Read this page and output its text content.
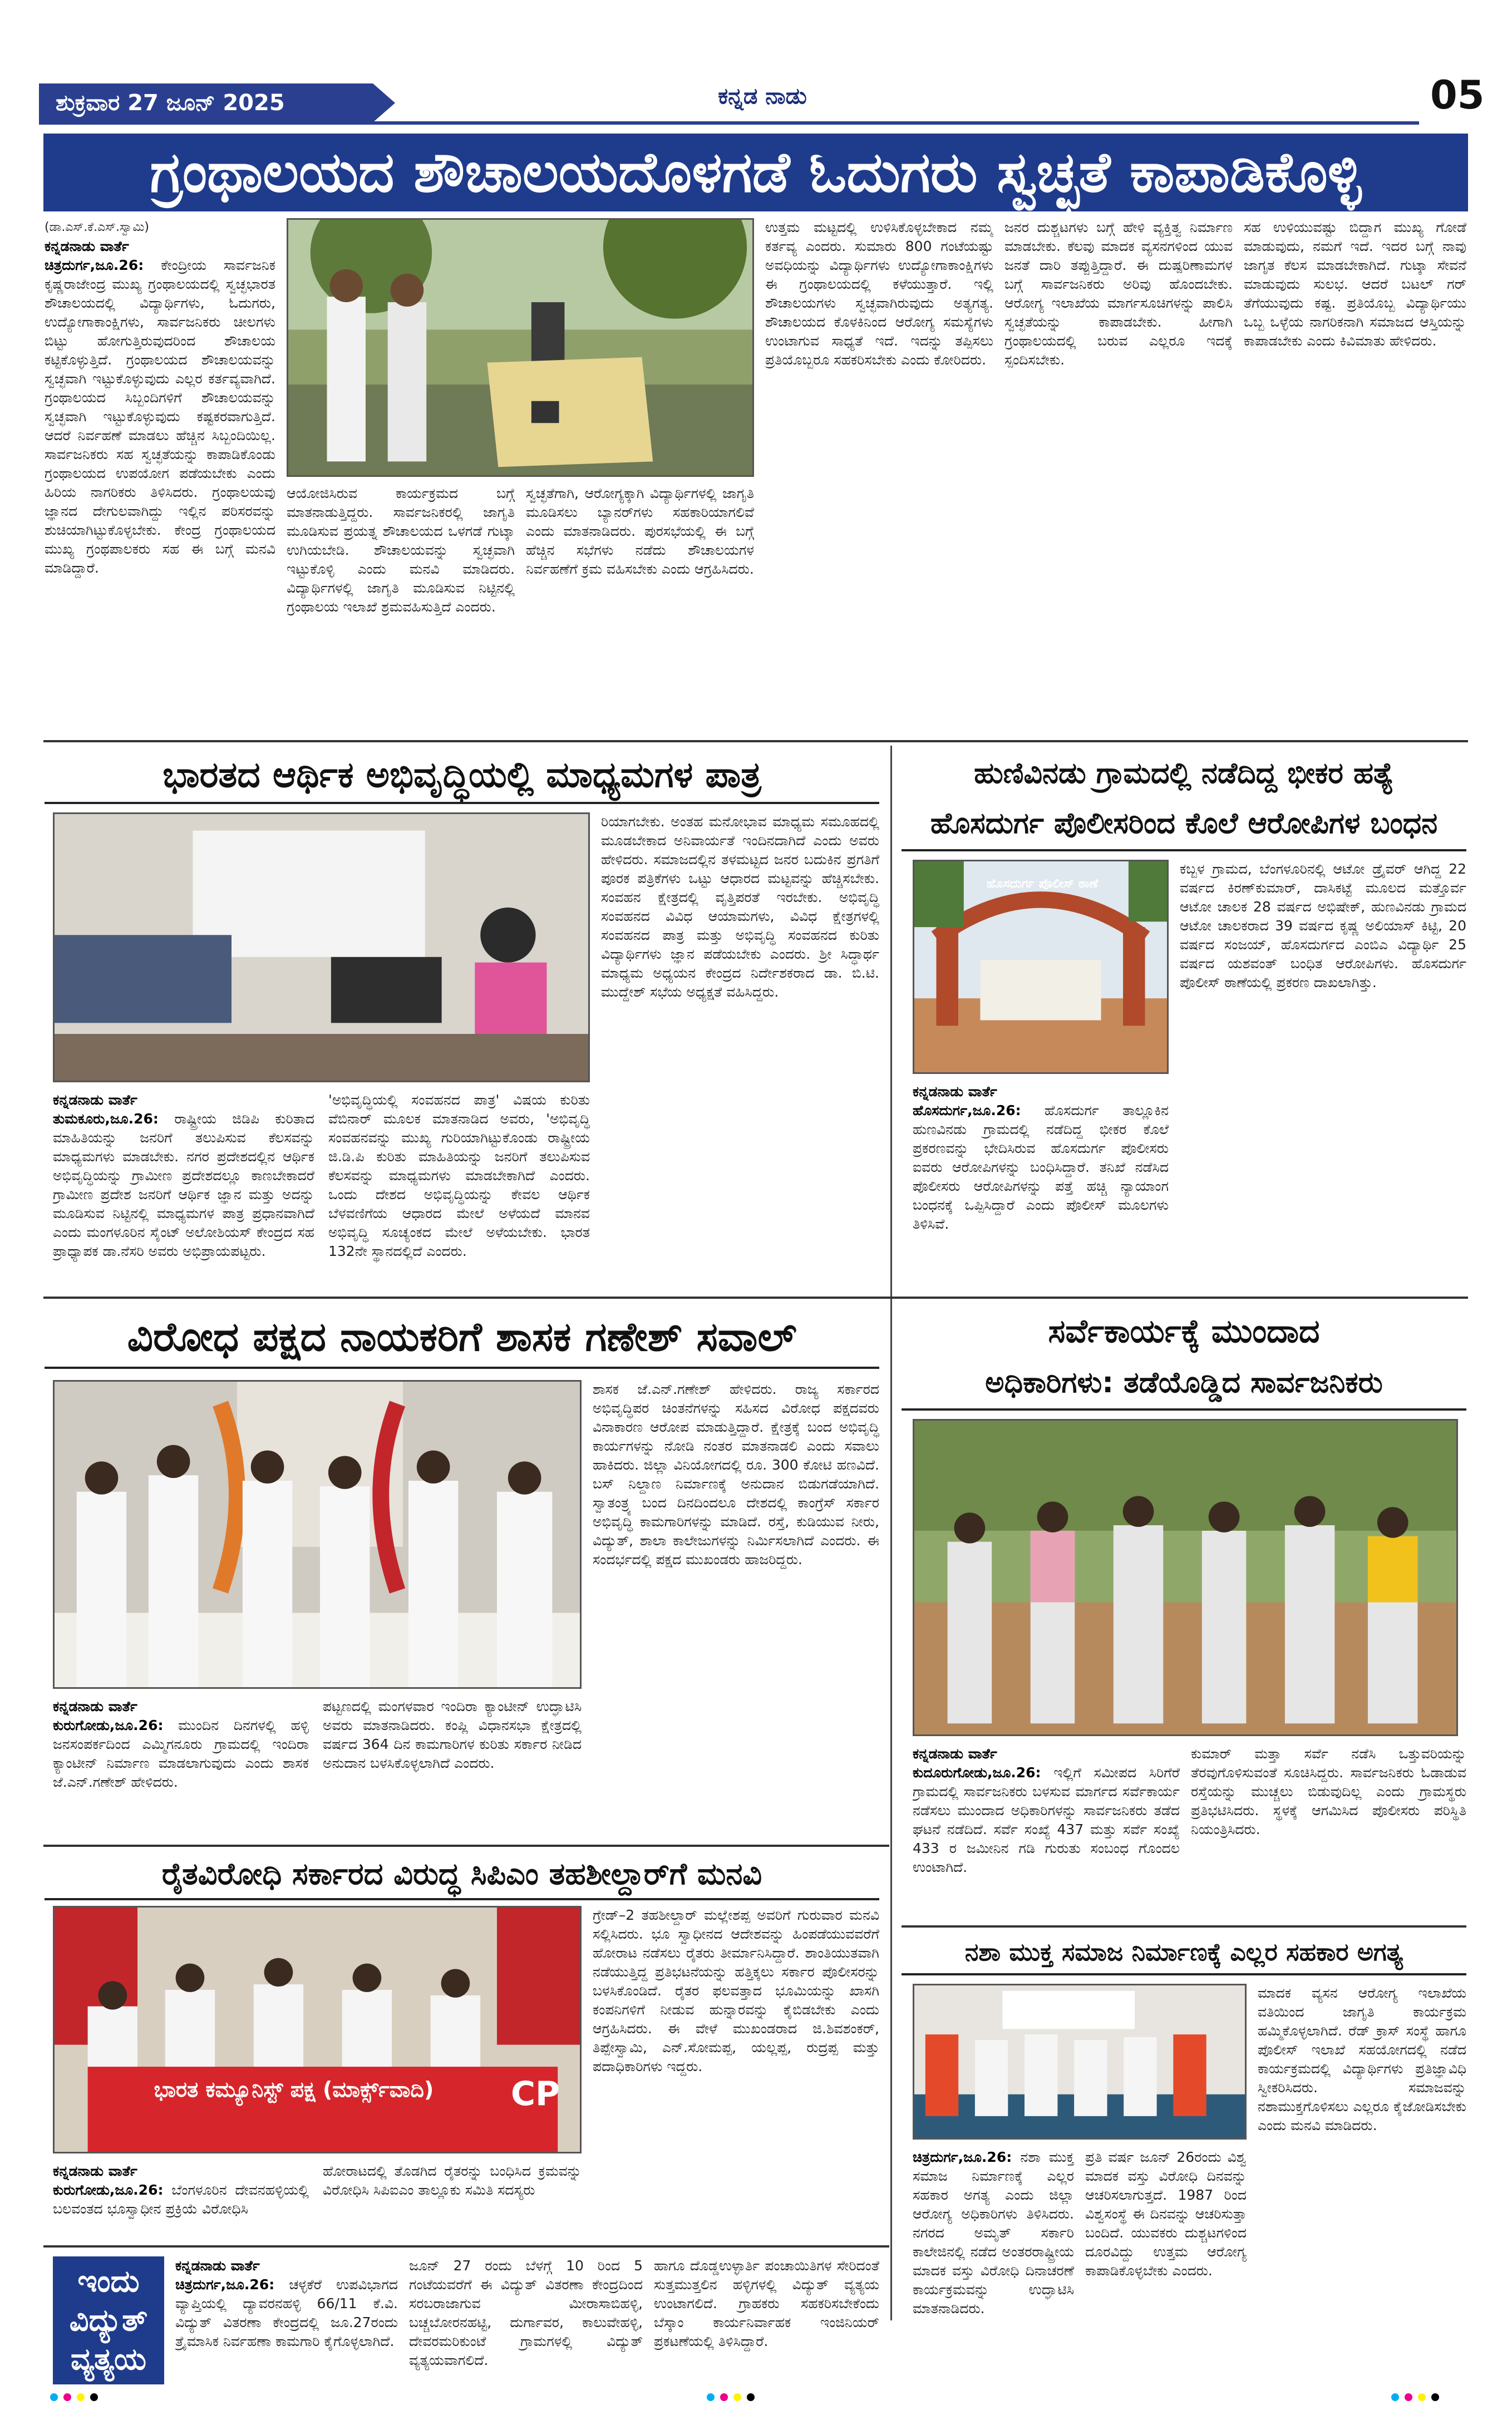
ಶುಕ್ರವಾರ 27 ಜೂನ್ 2025	ಕನ್ನಡ ನಾಡು	05
ಗ್ರಂಥಾಲಯದ ಶೌಚಾಲಯದೊಳಗಡೆ ಓದುಗರು ಸ್ವಚ್ಛತೆ ಕಾಪಾಡಿಕೊಳ್ಳಿ
(ಡಾ.ಎಸ್.ಕೆ.ಎಸ್.ಸ್ವಾಮಿ)
ಕನ್ನಡನಾಡು ವಾರ್ತೆ
ಚಿತ್ರದುರ್ಗ,ಜೂ.26: ಕೇಂದ್ರೀಯ ಸಾರ್ವಜನಿಕ ಕೃಷ್ಣರಾಜೇಂದ್ರ ಮುಖ್ಯ ಗ್ರಂಥಾಲಯದಲ್ಲಿ ಸ್ವಚ್ಛಭಾರತ ಶೌಚಾಲಯದಲ್ಲಿ ವಿದ್ಯಾರ್ಥಿಗಳು, ಓದುಗರು, ಉದ್ಯೋಗಾಕಾಂಕ್ಷಿಗಳು, ಸಾರ್ವಜನಿಕರು ಚೀಲಗಳು ಬಿಟ್ಟು ಹೋಗುತ್ತಿರುವುದರಿಂದ ಶೌಚಾಲಯ ಕಟ್ಟಿಕೊಳ್ಳುತ್ತಿದೆ. ಗ್ರಂಥಾಲಯದ ಶೌಚಾಲಯವನ್ನು ಸ್ವಚ್ಛವಾಗಿ ಇಟ್ಟುಕೊಳ್ಳುವುದು ಎಲ್ಲರ ಕರ್ತವ್ಯವಾಗಿದೆ. ಗ್ರಂಥಾಲಯದ ಸಿಬ್ಬಂದಿಗಳಿಗೆ ಶೌಚಾಲಯವನ್ನು ಸ್ವಚ್ಛವಾಗಿ ಇಟ್ಟುಕೊಳ್ಳುವುದು ಕಷ್ಟಕರವಾಗುತ್ತಿದೆ. ಆದರೆ ನಿರ್ವಹಣೆ ಮಾಡಲು ಹೆಚ್ಚಿನ ಸಿಬ್ಬಂದಿಯಿಲ್ಲ. ಸಾರ್ವಜನಿಕರು ಸಹ ಸ್ವಚ್ಛತೆಯನ್ನು ಕಾಪಾಡಿಕೊಂಡು ಗ್ರಂಥಾಲಯದ ಉಪಯೋಗ ಪಡೆಯಬೇಕು ಎಂದು ಹಿರಿಯ ನಾಗರಿಕರು ತಿಳಿಸಿದರು. ಗ್ರಂಥಾಲಯವು ಜ್ಞಾನದ ದೇಗುಲವಾಗಿದ್ದು ಇಲ್ಲಿನ ಪರಿಸರವನ್ನು ಶುಚಿಯಾಗಿಟ್ಟುಕೊಳ್ಳಬೇಕು. ಕೇಂದ್ರ ಗ್ರಂಥಾಲಯದ ಮುಖ್ಯ ಗ್ರಂಥಪಾಲಕರು ಸಹ ಈ ಬಗ್ಗೆ ಮನವಿ ಮಾಡಿದ್ದಾರೆ.
ಆಯೋಜಿಸಿರುವ ಕಾರ್ಯಕ್ರಮದ ಬಗ್ಗೆ ಮಾತನಾಡುತ್ತಿದ್ದರು. ಸಾರ್ವಜನಿಕರಲ್ಲಿ ಜಾಗೃತಿ ಮೂಡಿಸುವ ಪ್ರಯತ್ನ ಶೌಚಾಲಯದ ಒಳಗಡೆ ಗುಟ್ಕಾ ಉಗಿಯಬೇಡಿ. ಶೌಚಾಲಯವನ್ನು ಸ್ವಚ್ಛವಾಗಿ ಇಟ್ಟುಕೊಳ್ಳಿ ಎಂದು ಮನವಿ ಮಾಡಿದರು. ವಿದ್ಯಾರ್ಥಿಗಳಲ್ಲಿ ಜಾಗೃತಿ ಮೂಡಿಸುವ ನಿಟ್ಟಿನಲ್ಲಿ ಗ್ರಂಥಾಲಯ ಇಲಾಖೆ ಶ್ರಮವಹಿಸುತ್ತಿದೆ ಎಂದರು.
ಸ್ವಚ್ಛತೆಗಾಗಿ, ಆರೋಗ್ಯಕ್ಕಾಗಿ ವಿದ್ಯಾರ್ಥಿಗಳಲ್ಲಿ ಜಾಗೃತಿ ಮೂಡಿಸಲು ಬ್ಯಾನರ್‌ಗಳು ಸಹಕಾರಿಯಾಗಲಿವೆ ಎಂದು ಮಾತನಾಡಿದರು. ಪುರಸಭೆಯಲ್ಲಿ ಈ ಬಗ್ಗೆ ಹೆಚ್ಚಿನ ಸಭೆಗಳು ನಡೆದು ಶೌಚಾಲಯಗಳ ನಿರ್ವಹಣೆಗೆ ಕ್ರಮ ವಹಿಸಬೇಕು ಎಂದು ಆಗ್ರಹಿಸಿದರು.
ಉತ್ತಮ ಮಟ್ಟದಲ್ಲಿ ಉಳಿಸಿಕೊಳ್ಳಬೇಕಾದ ನಮ್ಮ ಕರ್ತವ್ಯ ಎಂದರು. ಸುಮಾರು 800 ಗಂಟೆಯಷ್ಟು ಅವಧಿಯನ್ನು ವಿದ್ಯಾರ್ಥಿಗಳು ಉದ್ಯೋಗಾಕಾಂಕ್ಷಿಗಳು ಈ ಗ್ರಂಥಾಲಯದಲ್ಲಿ ಕಳೆಯುತ್ತಾರೆ. ಇಲ್ಲಿ ಶೌಚಾಲಯಗಳು ಸ್ವಚ್ಛವಾಗಿರುವುದು ಅತ್ಯಗತ್ಯ. ಶೌಚಾಲಯದ ಕೊಳಕಿನಿಂದ ಆರೋಗ್ಯ ಸಮಸ್ಯೆಗಳು ಉಂಟಾಗುವ ಸಾಧ್ಯತೆ ಇದೆ. ಇದನ್ನು ತಪ್ಪಿಸಲು ಪ್ರತಿಯೊಬ್ಬರೂ ಸಹಕರಿಸಬೇಕು ಎಂದು ಕೋರಿದರು.
ಜನರ ದುಶ್ಚಟಗಳು ಬಗ್ಗೆ ಹೇಳಿ ವ್ಯಕ್ತಿತ್ವ ನಿರ್ಮಾಣ ಮಾಡಬೇಕು. ಕೆಲವು ಮಾದಕ ವ್ಯಸನಗಳಿಂದ ಯುವ ಜನತೆ ದಾರಿ ತಪ್ಪುತ್ತಿದ್ದಾರೆ. ಈ ದುಷ್ಪರಿಣಾಮಗಳ ಬಗ್ಗೆ ಸಾರ್ವಜನಿಕರು ಅರಿವು ಹೊಂದಬೇಕು. ಆರೋಗ್ಯ ಇಲಾಖೆಯ ಮಾರ್ಗಸೂಚಿಗಳನ್ನು ಪಾಲಿಸಿ ಸ್ವಚ್ಛತೆಯನ್ನು ಕಾಪಾಡಬೇಕು. ಹೀಗಾಗಿ ಗ್ರಂಥಾಲಯದಲ್ಲಿ ಬರುವ ಎಲ್ಲರೂ ಇದಕ್ಕೆ ಸ್ಪಂದಿಸಬೇಕು.
ಸಹ ಉಳಿಯುವಷ್ಟು ಬಿದ್ದಾಗ ಮುಖ್ಯ ಗೋಡೆ ಮಾಡುವುದು, ನಮಗೆ ಇದೆ. ಇದರ ಬಗ್ಗೆ ನಾವು ಜಾಗೃತ ಕೆಲಸ ಮಾಡಬೇಕಾಗಿದೆ. ಗುಟ್ಕಾ ಸೇವನೆ ಮಾಡುವುದು ಸುಲಭ. ಆದರೆ ಬಟಲ್ ಗರ್ ತೆಗೆಯುವುದು ಕಷ್ಟ. ಪ್ರತಿಯೊಬ್ಬ ವಿದ್ಯಾರ್ಥಿಯು ಒಬ್ಬ ಒಳ್ಳೆಯ ನಾಗರಿಕನಾಗಿ ಸಮಾಜದ ಆಸ್ತಿಯನ್ನು ಕಾಪಾಡಬೇಕು ಎಂದು ಕಿವಿಮಾತು ಹೇಳಿದರು.
ಭಾರತದ ಆರ್ಥಿಕ ಅಭಿವೃದ್ಧಿಯಲ್ಲಿ ಮಾಧ್ಯಮಗಳ ಪಾತ್ರ
ರಿಯಾಗಬೇಕು. ಅಂತಹ ಮನೋಭಾವ ಮಾಧ್ಯಮ ಸಮೂಹದಲ್ಲಿ ಮೂಡಬೇಕಾದ ಅನಿವಾರ್ಯತೆ ಇಂದಿನದಾಗಿದೆ ಎಂದು ಅವರು ಹೇಳಿದರು. ಸಮಾಜದಲ್ಲಿನ ತಳಮಟ್ಟದ ಜನರ ಬದುಕಿನ ಪ್ರಗತಿಗೆ ಪೂರಕ ಪತ್ರಿಕೆಗಳು ಒಟ್ಟು ಆಧಾರದ ಮಟ್ಟವನ್ನು ಹೆಚ್ಚಿಸಬೇಕು. ಸಂವಹನ ಕ್ಷೇತ್ರದಲ್ಲಿ ವೃತ್ತಿಪರತೆ ಇರಬೇಕು. ಅಭಿವೃದ್ಧಿ ಸಂವಹನದ ವಿವಿಧ ಆಯಾಮಗಳು, ವಿವಿಧ ಕ್ಷೇತ್ರಗಳಲ್ಲಿ ಸಂವಹನದ ಪಾತ್ರ ಮತ್ತು ಅಭಿವೃದ್ಧಿ ಸಂವಹನದ ಕುರಿತು ವಿದ್ಯಾರ್ಥಿಗಳು ಜ್ಞಾನ ಪಡೆಯಬೇಕು ಎಂದರು. ಶ್ರೀ ಸಿದ್ಧಾರ್ಥ ಮಾಧ್ಯಮ ಅಧ್ಯಯನ ಕೇಂದ್ರದ ನಿರ್ದೇಶಕರಾದ ಡಾ. ಬಿ.ಟಿ. ಮುದ್ದೇಶ್ ಸಭೆಯ ಅಧ್ಯಕ್ಷತೆ ವಹಿಸಿದ್ದರು.
ಕನ್ನಡನಾಡು ವಾರ್ತೆ
ತುಮಕೂರು,ಜೂ.26: ರಾಷ್ಟ್ರೀಯ ಜಿಡಿಪಿ ಕುರಿತಾದ ಮಾಹಿತಿಯನ್ನು ಜನರಿಗೆ ತಲುಪಿಸುವ ಕೆಲಸವನ್ನು ಮಾಧ್ಯಮಗಳು ಮಾಡಬೇಕು. ನಗರ ಪ್ರದೇಶದಲ್ಲಿನ ಆರ್ಥಿಕ ಅಭಿವೃದ್ಧಿಯನ್ನು ಗ್ರಾಮೀಣ ಪ್ರದೇಶದಲ್ಲೂ ಕಾಣಬೇಕಾದರೆ ಗ್ರಾಮೀಣ ಪ್ರದೇಶ ಜನರಿಗೆ ಆರ್ಥಿಕ ಜ್ಞಾನ ಮತ್ತು ಅದನ್ನು ಮೂಡಿಸುವ ನಿಟ್ಟಿನಲ್ಲಿ ಮಾಧ್ಯಮಗಳ ಪಾತ್ರ ಪ್ರಧಾನವಾಗಿದೆ ಎಂದು ಮಂಗಳೂರಿನ ಸೈಂಟ್ ಅಲೋಶಿಯಸ್ ಕೇಂದ್ರದ ಸಹ ಪ್ರಾಧ್ಯಾಪಕ ಡಾ.ನೆಸರಿ ಅವರು ಅಭಿಪ್ರಾಯಪಟ್ಟರು.
'ಅಭಿವೃದ್ಧಿಯಲ್ಲಿ ಸಂವಹನದ ಪಾತ್ರ' ವಿಷಯ ಕುರಿತು ವೆಬಿನಾರ್ ಮೂಲಕ ಮಾತನಾಡಿದ ಅವರು, 'ಅಭಿವೃದ್ಧಿ ಸಂವಹನವನ್ನು ಮುಖ್ಯ ಗುರಿಯಾಗಿಟ್ಟುಕೊಂಡು ರಾಷ್ಟ್ರೀಯ ಜಿ.ಡಿ.ಪಿ ಕುರಿತು ಮಾಹಿತಿಯನ್ನು ಜನರಿಗೆ ತಲುಪಿಸುವ ಕೆಲಸವನ್ನು ಮಾಧ್ಯಮಗಳು ಮಾಡಬೇಕಾಗಿದೆ ಎಂದರು. ಒಂದು ದೇಶದ ಅಭಿವೃದ್ಧಿಯನ್ನು ಕೇವಲ ಆರ್ಥಿಕ ಬೆಳವಣಿಗೆಯ ಆಧಾರದ ಮೇಲೆ ಅಳೆಯದೆ ಮಾನವ ಅಭಿವೃದ್ಧಿ ಸೂಚ್ಯಂಕದ ಮೇಲೆ ಅಳೆಯಬೇಕು. ಭಾರತ 132ನೇ ಸ್ಥಾನದಲ್ಲಿದೆ ಎಂದರು.
ಹುಣಿವಿನಡು ಗ್ರಾಮದಲ್ಲಿ ನಡೆದಿದ್ದ ಭೀಕರ ಹತ್ಯೆ
ಹೊಸದುರ್ಗ ಪೊಲೀಸರಿಂದ ಕೊಲೆ ಆರೋಪಿಗಳ ಬಂಧನ
ಹೊಸದುರ್ಗ ಪೊಲೀಸ್ ಠಾಣೆ
ಕಬ್ಬಳ ಗ್ರಾಮದ, ಬೆಂಗಳೂರಿನಲ್ಲಿ ಆಟೋ ಡ್ರೈವರ್ ಆಗಿದ್ದ 22 ವರ್ಷದ ಕಿರಣ್‌ಕುಮಾರ್, ದಾಸಿಕಟ್ಟೆ ಮೂಲದ ಮತ್ತೊರ್ವ ಆಟೋ ಚಾಲಕ 28 ವರ್ಷದ ಅಭಿಷೇಕ್, ಹುಣವಿನಡು ಗ್ರಾಮದ ಆಟೋ ಚಾಲಕರಾದ 39 ವರ್ಷದ ಕೃಷ್ಣ ಅಲಿಯಾಸ್ ಕಿಟ್ಟಿ, 20 ವರ್ಷದ ಸಂಜಯ್, ಹೊಸದುರ್ಗದ ಎಂಬಿಎ ವಿದ್ಯಾರ್ಥಿ 25 ವರ್ಷದ ಯಶವಂತ್ ಬಂಧಿತ ಆರೋಪಿಗಳು. ಹೊಸದುರ್ಗ ಪೊಲೀಸ್ ಠಾಣೆಯಲ್ಲಿ ಪ್ರಕರಣ ದಾಖಲಾಗಿತ್ತು.
ಕನ್ನಡನಾಡು ವಾರ್ತೆ
ಹೊಸದುರ್ಗ,ಜೂ.26: ಹೊಸದುರ್ಗ ತಾಲ್ಲೂಕಿನ ಹುಣವಿನಡು ಗ್ರಾಮದಲ್ಲಿ ನಡೆದಿದ್ದ ಭೀಕರ ಕೊಲೆ ಪ್ರಕರಣವನ್ನು ಭೇದಿಸಿರುವ ಹೊಸದುರ್ಗ ಪೊಲೀಸರು ಐವರು ಆರೋಪಿಗಳನ್ನು ಬಂಧಿಸಿದ್ದಾರೆ. ತನಿಖೆ ನಡೆಸಿದ ಪೊಲೀಸರು ಆರೋಪಿಗಳನ್ನು ಪತ್ತೆ ಹಚ್ಚಿ ನ್ಯಾಯಾಂಗ ಬಂಧನಕ್ಕೆ ಒಪ್ಪಿಸಿದ್ದಾರೆ ಎಂದು ಪೊಲೀಸ್ ಮೂಲಗಳು ತಿಳಿಸಿವೆ.
ವಿರೋಧ ಪಕ್ಷದ ನಾಯಕರಿಗೆ ಶಾಸಕ ಗಣೇಶ್ ಸವಾಲ್
ಶಾಸಕ ಜೆ.ಎನ್.ಗಣೇಶ್ ಹೇಳಿದರು. ರಾಜ್ಯ ಸರ್ಕಾರದ ಅಭಿವೃದ್ಧಿಪರ ಚಿಂತನೆಗಳನ್ನು ಸಹಿಸದ ವಿರೋಧ ಪಕ್ಷದವರು ವಿನಾಕಾರಣ ಆರೋಪ ಮಾಡುತ್ತಿದ್ದಾರೆ. ಕ್ಷೇತ್ರಕ್ಕೆ ಬಂದ ಅಭಿವೃದ್ಧಿ ಕಾರ್ಯಗಳನ್ನು ನೋಡಿ ನಂತರ ಮಾತನಾಡಲಿ ಎಂದು ಸವಾಲು ಹಾಕಿದರು. ಜಿಲ್ಲಾ ವಿನಿಯೋಗದಲ್ಲಿ ರೂ. 300 ಕೋಟಿ ಹಣವಿದೆ. ಬಸ್ ನಿಲ್ದಾಣ ನಿರ್ಮಾಣಕ್ಕೆ ಅನುದಾನ ಬಿಡುಗಡೆಯಾಗಿದೆ. ಸ್ವಾತಂತ್ರ್ಯ ಬಂದ ದಿನದಿಂದಲೂ ದೇಶದಲ್ಲಿ ಕಾಂಗ್ರೆಸ್ ಸರ್ಕಾರ ಅಭಿವೃದ್ಧಿ ಕಾಮಗಾರಿಗಳನ್ನು ಮಾಡಿದೆ. ರಸ್ತೆ, ಕುಡಿಯುವ ನೀರು, ವಿದ್ಯುತ್, ಶಾಲಾ ಕಾಲೇಜುಗಳನ್ನು ನಿರ್ಮಿಸಲಾಗಿದೆ ಎಂದರು. ಈ ಸಂದರ್ಭದಲ್ಲಿ ಪಕ್ಷದ ಮುಖಂಡರು ಹಾಜರಿದ್ದರು.
ಕನ್ನಡನಾಡು ವಾರ್ತೆ
ಕುರುಗೋಡು,ಜೂ.26: ಮುಂದಿನ ದಿನಗಳಲ್ಲಿ ಹಳ್ಳಿ ಜನಸಂಪರ್ಕದಿಂದ ಎಮ್ಮಿಗನೂರು ಗ್ರಾಮದಲ್ಲಿ ಇಂದಿರಾ ಕ್ಯಾಂಟೀನ್ ನಿರ್ಮಾಣ ಮಾಡಲಾಗುವುದು ಎಂದು ಶಾಸಕ ಜೆ.ಎನ್.ಗಣೇಶ್ ಹೇಳಿದರು.
ಪಟ್ಟಣದಲ್ಲಿ ಮಂಗಳವಾರ ಇಂದಿರಾ ಕ್ಯಾಂಟೀನ್ ಉದ್ಘಾಟಿಸಿ ಅವರು ಮಾತನಾಡಿದರು. ಕಂಪ್ಲಿ ವಿಧಾನಸಭಾ ಕ್ಷೇತ್ರದಲ್ಲಿ ವರ್ಷದ 364 ದಿನ ಕಾಮಗಾರಿಗಳ ಕುರಿತು ಸರ್ಕಾರ ನೀಡಿದ ಅನುದಾನ ಬಳಸಿಕೊಳ್ಳಲಾಗಿದೆ ಎಂದರು.
ಸರ್ವೆಕಾರ್ಯಕ್ಕೆ ಮುಂದಾದ
ಅಧಿಕಾರಿಗಳು: ತಡೆಯೊಡ್ಡಿದ ಸಾರ್ವಜನಿಕರು
ಕನ್ನಡನಾಡು ವಾರ್ತೆ
ಕುದೂರುಗೋಡು,ಜೂ.26: ಇಲ್ಲಿಗೆ ಸಮೀಪದ ಸಿರಿಗೆರೆ ಗ್ರಾಮದಲ್ಲಿ ಸಾರ್ವಜನಿಕರು ಬಳಸುವ ಮಾರ್ಗದ ಸರ್ವೆಕಾರ್ಯ ನಡೆಸಲು ಮುಂದಾದ ಅಧಿಕಾರಿಗಳನ್ನು ಸಾರ್ವಜನಿಕರು ತಡೆದ ಘಟನೆ ನಡೆದಿದೆ. ಸರ್ವೆ ಸಂಖ್ಯೆ 437 ಮತ್ತು ಸರ್ವೆ ಸಂಖ್ಯೆ 433 ರ ಜಮೀನಿನ ಗಡಿ ಗುರುತು ಸಂಬಂಧ ಗೊಂದಲ ಉಂಟಾಗಿದೆ.
ಕುಮಾರ್ ಮತ್ತಾ ಸರ್ವೆ ನಡೆಸಿ ಒತ್ತುವರಿಯನ್ನು ತೆರವುಗೊಳಿಸುವಂತೆ ಸೂಚಿಸಿದ್ದರು. ಸಾರ್ವಜನಿಕರು ಓಡಾಡುವ ರಸ್ತೆಯನ್ನು ಮುಚ್ಚಲು ಬಿಡುವುದಿಲ್ಲ ಎಂದು ಗ್ರಾಮಸ್ಥರು ಪ್ರತಿಭಟಿಸಿದರು. ಸ್ಥಳಕ್ಕೆ ಆಗಮಿಸಿದ ಪೊಲೀಸರು ಪರಿಸ್ಥಿತಿ ನಿಯಂತ್ರಿಸಿದರು.
ರೈತವಿರೋಧಿ ಸರ್ಕಾರದ ವಿರುದ್ಧ ಸಿಪಿಎಂ ತಹಶೀಲ್ದಾರ್‌ಗೆ ಮನವಿ
ಭಾರತ ಕಮ್ಯೂನಿಸ್ಟ್ ಪಕ್ಷ (ಮಾರ್ಕ್ಸ್‌ವಾದಿ)	CP
ಗ್ರೇಡ್–2 ತಹಶೀಲ್ದಾರ್ ಮಲ್ಲೇಶಪ್ಪ ಅವರಿಗೆ ಗುರುವಾರ ಮನವಿ ಸಲ್ಲಿಸಿದರು. ಭೂ ಸ್ವಾಧೀನದ ಆದೇಶವನ್ನು ಹಿಂಪಡೆಯುವವರೆಗೆ ಹೋರಾಟ ನಡೆಸಲು ರೈತರು ತೀರ್ಮಾನಿಸಿದ್ದಾರೆ. ಶಾಂತಿಯುತವಾಗಿ ನಡೆಯುತ್ತಿದ್ದ ಪ್ರತಿಭಟನೆಯನ್ನು ಹತ್ತಿಕ್ಕಲು ಸರ್ಕಾರ ಪೊಲೀಸರನ್ನು ಬಳಸಿಕೊಂಡಿದೆ. ರೈತರ ಫಲವತ್ತಾದ ಭೂಮಿಯನ್ನು ಖಾಸಗಿ ಕಂಪನಿಗಳಿಗೆ ನೀಡುವ ಹುನ್ನಾರವನ್ನು ಕೈಬಿಡಬೇಕು ಎಂದು ಆಗ್ರಹಿಸಿದರು. ಈ ವೇಳೆ ಮುಖಂಡರಾದ ಜಿ.ಶಿವಶಂಕರ್, ತಿಪ್ಪೇಸ್ವಾಮಿ, ಎನ್.ಸೋಮಪ್ಪ, ಯಲ್ಲಪ್ಪ, ರುದ್ರಪ್ಪ ಮತ್ತು ಪದಾಧಿಕಾರಿಗಳು ಇದ್ದರು.
ಕನ್ನಡನಾಡು ವಾರ್ತೆ
ಕುರುಗೋಡು,ಜೂ.26: ಬೆಂಗಳೂರಿನ ದೇವನಹಳ್ಳಿಯಲ್ಲಿ ಬಲವಂತದ ಭೂಸ್ವಾಧೀನ ಪ್ರಕ್ರಿಯೆ ವಿರೋಧಿಸಿ
ಹೋರಾಟದಲ್ಲಿ ತೊಡಗಿದ ರೈತರನ್ನು ಬಂಧಿಸಿದ ಕ್ರಮವನ್ನು ವಿರೋಧಿಸಿ ಸಿಪಿಐಎಂ ತಾಲ್ಲೂಕು ಸಮಿತಿ ಸದಸ್ಯರು
ನಶಾ ಮುಕ್ತ ಸಮಾಜ ನಿರ್ಮಾಣಕ್ಕೆ ಎಲ್ಲರ ಸಹಕಾರ ಅಗತ್ಯ
ಮಾದಕ ವ್ಯಸನ ಆರೋಗ್ಯ ಇಲಾಖೆಯ ವತಿಯಿಂದ ಜಾಗೃತಿ ಕಾರ್ಯಕ್ರಮ ಹಮ್ಮಿಕೊಳ್ಳಲಾಗಿದೆ. ರೆಡ್ ಕ್ರಾಸ್ ಸಂಸ್ಥೆ ಹಾಗೂ ಪೊಲೀಸ್ ಇಲಾಖೆ ಸಹಯೋಗದಲ್ಲಿ ನಡೆದ ಕಾರ್ಯಕ್ರಮದಲ್ಲಿ ವಿದ್ಯಾರ್ಥಿಗಳು ಪ್ರತಿಜ್ಞಾವಿಧಿ ಸ್ವೀಕರಿಸಿದರು. ಸಮಾಜವನ್ನು ನಶಾಮುಕ್ತಗೊಳಿಸಲು ಎಲ್ಲರೂ ಕೈಜೋಡಿಸಬೇಕು ಎಂದು ಮನವಿ ಮಾಡಿದರು.
ಚಿತ್ರದುರ್ಗ,ಜೂ.26: ನಶಾ ಮುಕ್ತ ಸಮಾಜ ನಿರ್ಮಾಣಕ್ಕೆ ಎಲ್ಲರ ಸಹಕಾರ ಅಗತ್ಯ ಎಂದು ಜಿಲ್ಲಾ ಆರೋಗ್ಯ ಅಧಿಕಾರಿಗಳು ತಿಳಿಸಿದರು. ನಗರದ ಅಮೃತ್ ಸರ್ಕಾರಿ ಕಾಲೇಜಿನಲ್ಲಿ ನಡೆದ ಅಂತರರಾಷ್ಟ್ರೀಯ ಮಾದಕ ವಸ್ತು ವಿರೋಧಿ ದಿನಾಚರಣೆ ಕಾರ್ಯಕ್ರಮವನ್ನು ಉದ್ಘಾಟಿಸಿ ಮಾತನಾಡಿದರು.
ಪ್ರತಿ ವರ್ಷ ಜೂನ್ 26ರಂದು ವಿಶ್ವ ಮಾದಕ ವಸ್ತು ವಿರೋಧಿ ದಿನವನ್ನು ಆಚರಿಸಲಾಗುತ್ತದೆ. 1987 ರಿಂದ ವಿಶ್ವಸಂಸ್ಥೆ ಈ ದಿನವನ್ನು ಆಚರಿಸುತ್ತಾ ಬಂದಿದೆ. ಯುವಕರು ದುಶ್ಚಟಗಳಿಂದ ದೂರವಿದ್ದು ಉತ್ತಮ ಆರೋಗ್ಯ ಕಾಪಾಡಿಕೊಳ್ಳಬೇಕು ಎಂದರು.
ಇಂದು
ವಿದ್ಯುತ್
ವ್ಯತ್ಯಯ
ಕನ್ನಡನಾಡು ವಾರ್ತೆ
ಚಿತ್ರದುರ್ಗ,ಜೂ.26: ಚಳ್ಳಕೆರೆ ಉಪವಿಭಾಗದ ವ್ಯಾಪ್ತಿಯಲ್ಲಿ ದ್ಯಾವರನಹಳ್ಳಿ 66/11 ಕೆ.ವಿ. ವಿದ್ಯುತ್ ವಿತರಣಾ ಕೇಂದ್ರದಲ್ಲಿ ಜೂ.27ರಂದು ತ್ರೈಮಾಸಿಕ ನಿರ್ವಹಣಾ ಕಾಮಗಾರಿ ಕೈಗೊಳ್ಳಲಾಗಿದೆ.
ಜೂನ್ 27 ರಂದು ಬೆಳಗ್ಗೆ 10 ರಿಂದ 5 ಗಂಟೆಯವರೆಗೆ ಈ ವಿದ್ಯುತ್ ವಿತರಣಾ ಕೇಂದ್ರದಿಂದ ಸರಬರಾಜಾಗುವ ಮೀರಾಸಾಬಿಹಳ್ಳಿ, ಬಚ್ಚಬೋರನಹಟ್ಟಿ, ದುರ್ಗಾವರ, ಕಾಲುವೇಹಳ್ಳಿ, ದೇವರಮರಿಕುಂಟೆ ಗ್ರಾಮಗಳಲ್ಲಿ ವಿದ್ಯುತ್ ವ್ಯತ್ಯಯವಾಗಲಿದೆ.
ಹಾಗೂ ದೊಡ್ಡಉಳ್ಳಾರ್ತಿ ಪಂಚಾಯಿತಿಗಳ ಸೇರಿದಂತೆ ಸುತ್ತಮುತ್ತಲಿನ ಹಳ್ಳಿಗಳಲ್ಲಿ ವಿದ್ಯುತ್ ವ್ಯತ್ಯಯ ಉಂಟಾಗಲಿದೆ. ಗ್ರಾಹಕರು ಸಹಕರಿಸಬೇಕೆಂದು ಬೆಸ್ಕಾಂ ಕಾರ್ಯನಿರ್ವಾಹಕ ಇಂಜಿನಿಯರ್ ಪ್ರಕಟಣೆಯಲ್ಲಿ ತಿಳಿಸಿದ್ದಾರೆ.
